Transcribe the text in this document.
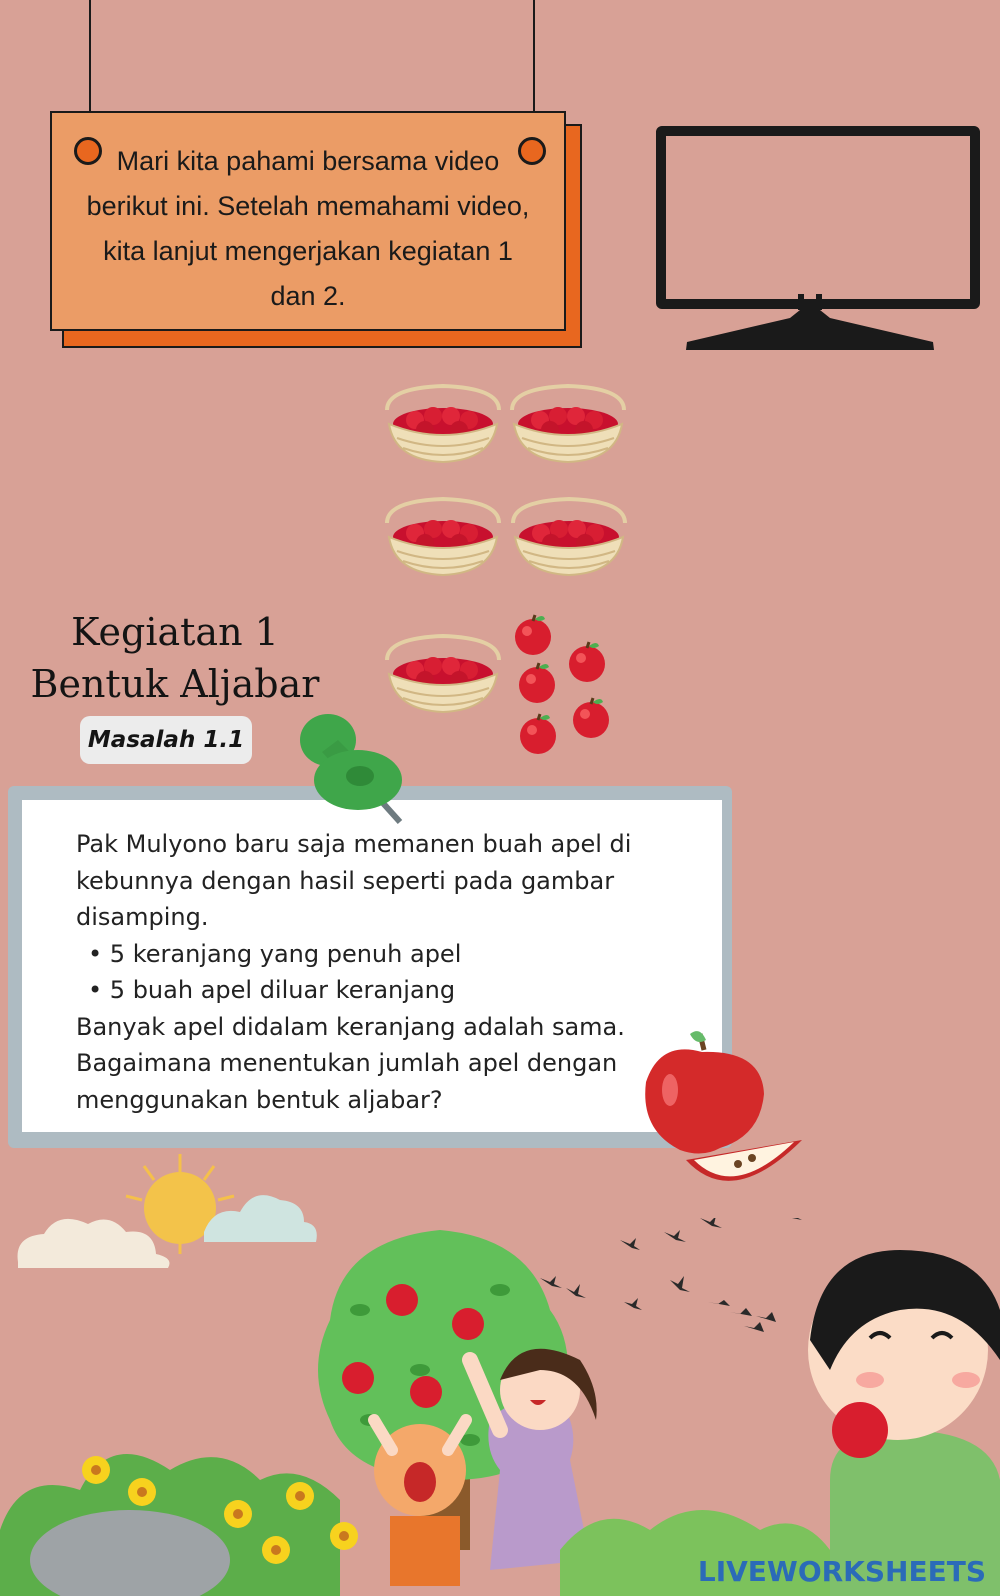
Mari kita pahami bersama video
berikut ini. Setelah memahami video,
kita lanjut mengerjakan kegiatan 1
dan 2.
Kegiatan 1
Bentuk Aljabar
Masalah 1.1
Pak Mulyono baru saja memanen buah apel di kebunnya dengan hasil seperti pada gambar disamping.
• 5 keranjang yang penuh apel
• 5 buah apel diluar keranjang
Banyak apel didalam keranjang adalah sama. Bagaimana menentukan jumlah apel dengan menggunakan bentuk aljabar?
LIVEWORKSHEETS
